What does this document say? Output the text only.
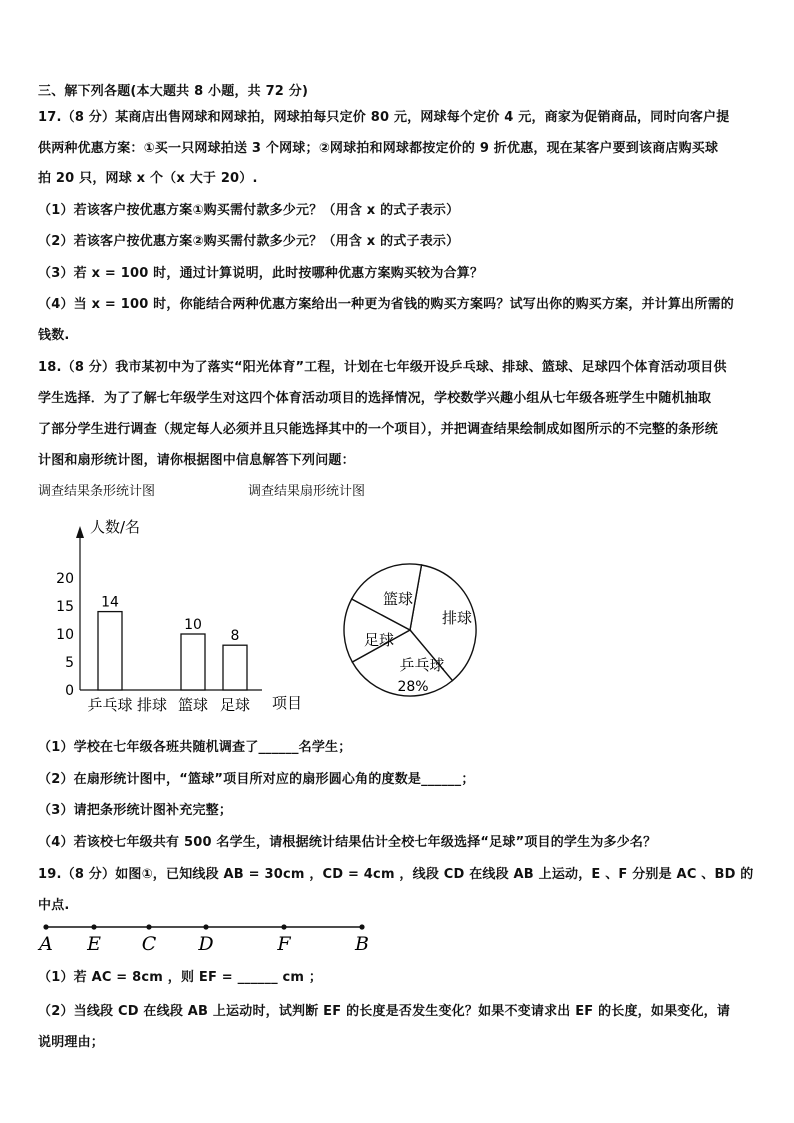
三、解下列各题(本大题共 8 小题，共 72 分)
17.（8 分）某商店出售网球和网球拍，网球拍每只定价 80 元，网球每个定价 4 元，商家为促销商品，同时向客户提
供两种优惠方案：①买一只网球拍送 3 个网球；②网球拍和网球都按定价的 9 折优惠，现在某客户要到该商店购买球
拍 20 只，网球 x 个（x 大于 20）.
（1）若该客户按优惠方案①购买需付款多少元？（用含 x 的式子表示）
（2）若该客户按优惠方案②购买需付款多少元？（用含 x 的式子表示）
（3）若 x = 100 时，通过计算说明，此时按哪种优惠方案购买较为合算？
（4）当 x = 100 时，你能结合两种优惠方案给出一种更为省钱的购买方案吗？试写出你的购买方案，并计算出所需的
钱数.
18.（8 分）我市某初中为了落实“阳光体育”工程，计划在七年级开设乒乓球、排球、篮球、足球四个体育活动项目供
学生选择．为了了解七年级学生对这四个体育活动项目的选择情况，学校数学兴趣小组从七年级各班学生中随机抽取
了部分学生进行调查（规定每人必须并且只能选择其中的一个项目），并把调查结果绘制成如图所示的不完整的条形统
计图和扇形统计图，请你根据图中信息解答下列问题：
调查结果条形统计图	调查结果扇形统计图
人数/名
项目
0
5
10
15
20
乒乓球
14
排球 篮球
10
足球
8
篮球
排球
足球
乒乓球
28%
（1）学校在七年级各班共随机调查了______名学生；
（2）在扇形统计图中，“篮球”项目所对应的扇形圆心角的度数是______；
（3）请把条形统计图补充完整；
（4）若该校七年级共有 500 名学生，请根据统计结果估计全校七年级选择“足球”项目的学生为多少名？
19.（8 分）如图①，已知线段 AB = 30cm ，CD = 4cm ，线段 CD 在线段 AB 上运动，E 、F 分别是 AC 、BD 的
中点.
A E C D	F	B
（1）若 AC = 8cm ，则 EF = ______ cm ；
（2）当线段 CD 在线段 AB 上运动时，试判断 EF 的长度是否发生变化？如果不变请求出 EF 的长度，如果变化，请
说明理由；
